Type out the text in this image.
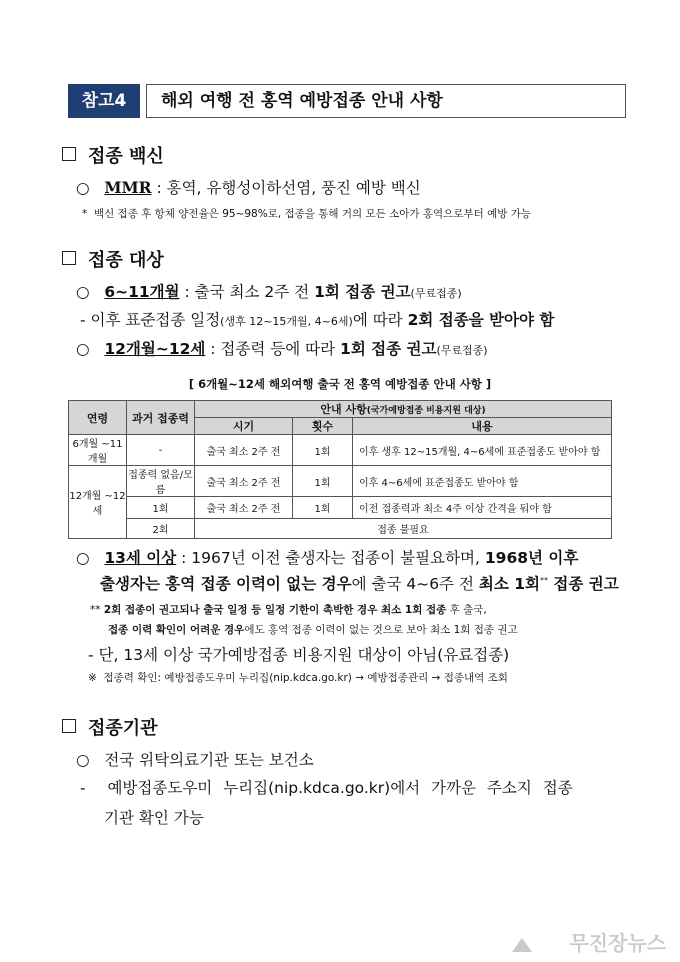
참고4	해외 여행 전 홍역 예방접종 안내 사항
접종 백신
○ MMR : 홍역, 유행성이하선염, 풍진 예방 백신
* 백신 접종 후 항체 양전율은 95~98%로, 접종을 통해 거의 모든 소아가 홍역으로부터 예방 가능
접종 대상
○ 6~11개월 : 출국 최소 2주 전 1회 접종 권고(무료접종)
- 이후 표준접종 일정(생후 12~15개월, 4~6세)에 따라 2회 접종을 받아야 함
○ 12개월~12세 : 접종력 등에 따라 1회 접종 권고(무료접종)
[ 6개월~12세 해외여행 출국 전 홍역 예방접종 안내 사항 ]
연령	과거 접종력	안내 사항(국가예방접종 비용지원 대상)		
		시기	횟수	내용
6개월 ~11개월	-	출국 최소 2주 전	1회	이후 생후 12~15개월, 4~6세에 표준접종도 받아야 함
12개월 ~12세	접종력 없음/모름	출국 최소 2주 전	1회	이후 4~6세에 표준접종도 받아야 함
	1회	출국 최소 2주 전	1회	이전 접종력과 최소 4주 이상 간격을 둬야 함
	2회	접종 불필요		
○ 13세 이상 : 1967년 이전 출생자는 접종이 불필요하며, 1968년 이후
출생자는 홍역 접종 이력이 없는 경우에 출국 4~6주 전 최소 1회** 접종 권고
** 2회 접종이 권고되나 출국 일정 등 일정 기한이 촉박한 경우 최소 1회 접종 후 출국,
접종 이력 확인이 어려운 경우에도 홍역 접종 이력이 없는 것으로 보아 최소 1회 접종 권고
- 단, 13세 이상 국가예방접종 비용지원 대상이 아님(유료접종)
※ 접종력 확인: 예방접종도우미 누리집(nip.kdca.go.kr) → 예방접종관리 → 접종내역 조회
접종기관
○ 전국 위탁의료기관 또는 보건소
- 예방접종도우미 누리집(nip.kdca.go.kr)에서 가까운 주소지 접종
기관 확인 가능
무진장뉴스
